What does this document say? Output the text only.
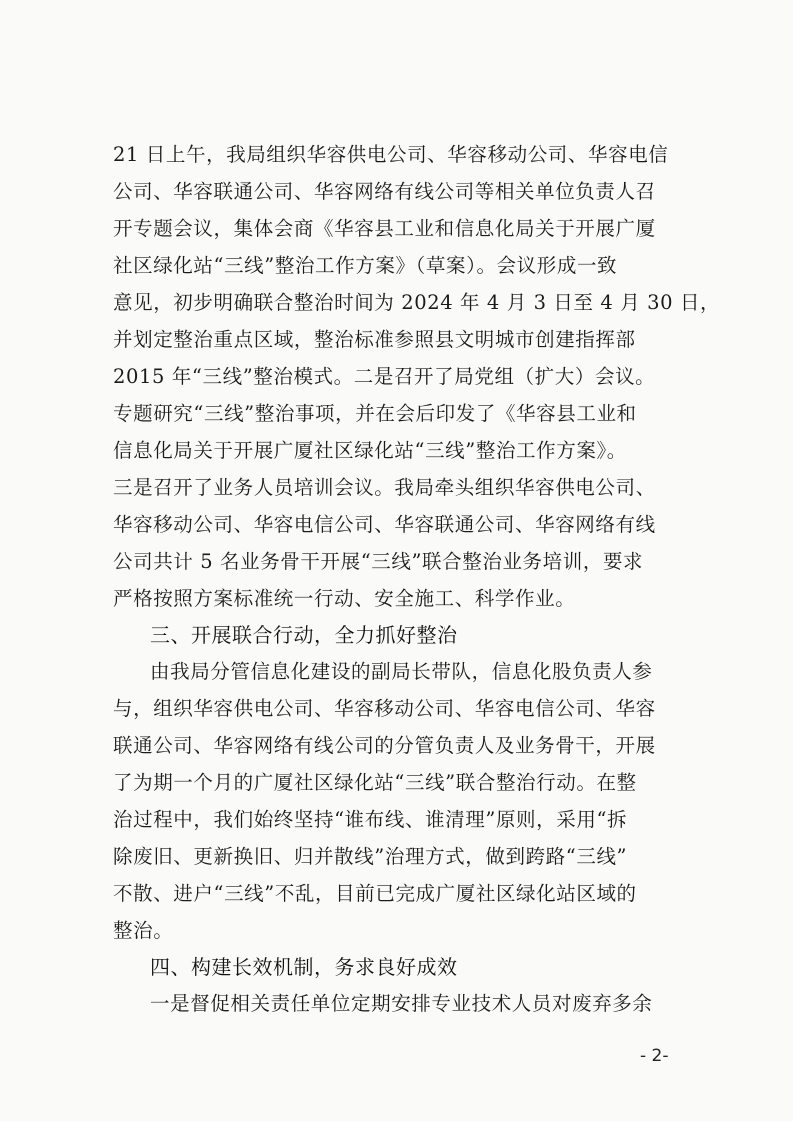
21 日上午，我局组织华容供电公司、华容移动公司、华容电信
公司、华容联通公司、华容网络有线公司等相关单位负责人召
开专题会议，集体会商《华容县工业和信息化局关于开展广厦
社区绿化站“三线”整治工作方案》（草案）。会议形成一致
意见，初步明确联合整治时间为 2024 年 4 月 3 日至 4 月 30 日，
并划定整治重点区域，整治标准参照县文明城市创建指挥部
2015 年“三线”整治模式。二是召开了局党组（扩大）会议。
专题研究“三线”整治事项，并在会后印发了《华容县工业和
信息化局关于开展广厦社区绿化站“三线”整治工作方案》。
三是召开了业务人员培训会议。我局牵头组织华容供电公司、
华容移动公司、华容电信公司、华容联通公司、华容网络有线
公司共计 5 名业务骨干开展“三线”联合整治业务培训，要求
严格按照方案标准统一行动、安全施工、科学作业。
三、开展联合行动，全力抓好整治
由我局分管信息化建设的副局长带队，信息化股负责人参
与，组织华容供电公司、华容移动公司、华容电信公司、华容
联通公司、华容网络有线公司的分管负责人及业务骨干，开展
了为期一个月的广厦社区绿化站“三线”联合整治行动。在整
治过程中，我们始终坚持“谁布线、谁清理”原则，采用“拆
除废旧、更新换旧、归并散线”治理方式，做到跨路“三线”
不散、进户“三线”不乱，目前已完成广厦社区绿化站区域的
整治。
四、构建长效机制，务求良好成效
一是督促相关责任单位定期安排专业技术人员对废弃多余
- 2-
